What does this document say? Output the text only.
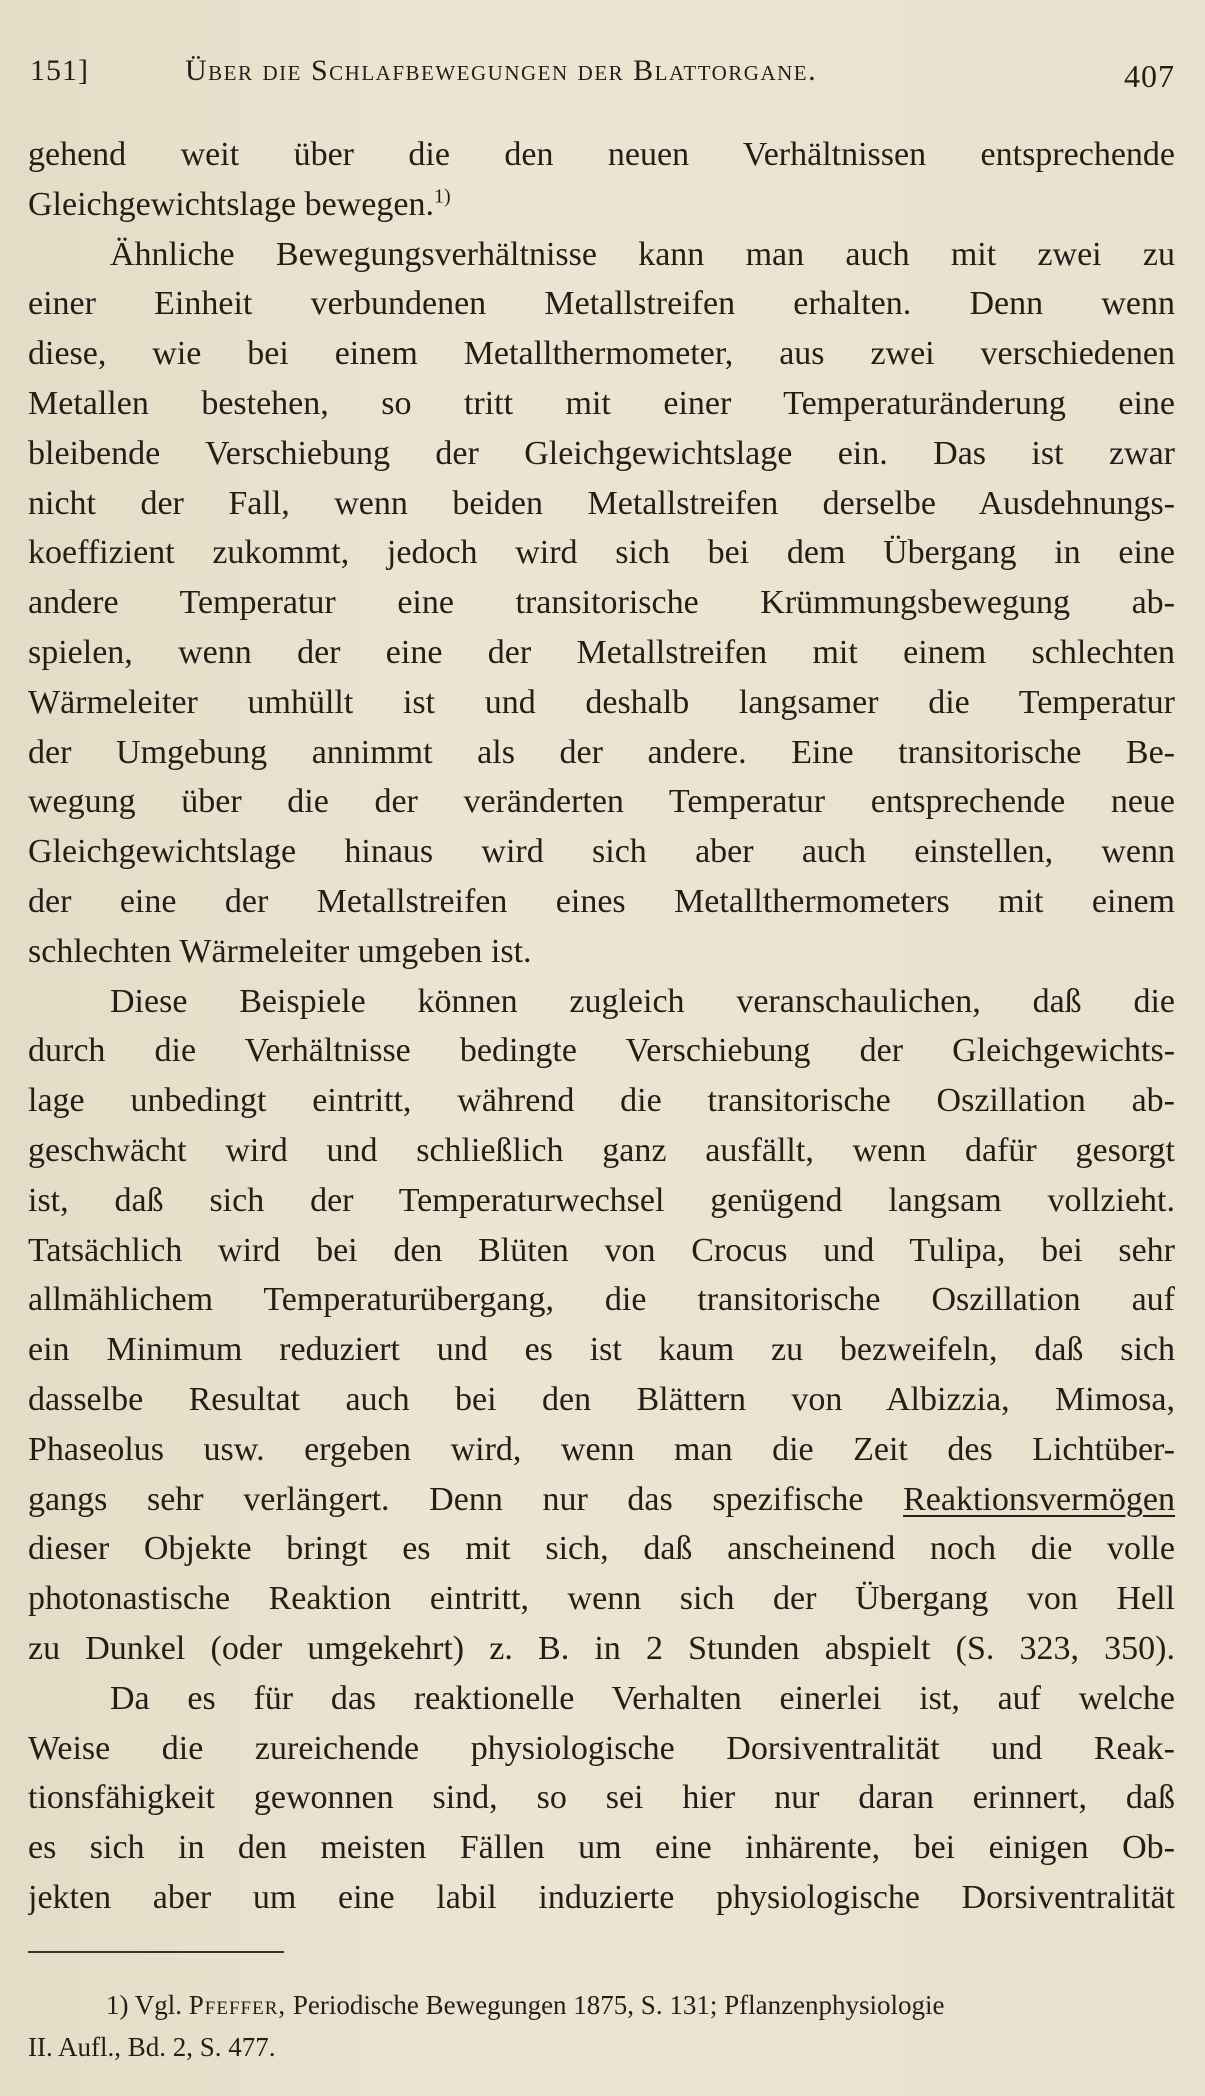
151]	Über die Schlafbewegungen der Blattorgane.	407
gehend weit über die den neuen Verhältnissen entsprechende
Gleichgewichtslage bewegen.$^{1)}$
Ähnliche Bewegungsverhältnisse kann man auch mit zwei zu
einer Einheit verbundenen Metallstreifen erhalten. Denn wenn
diese, wie bei einem Metallthermometer, aus zwei verschiedenen
Metallen bestehen, so tritt mit einer Temperaturänderung eine
bleibende Verschiebung der Gleichgewichtslage ein. Das ist zwar
nicht der Fall, wenn beiden Metallstreifen derselbe Ausdehnungs-
koeffizient zukommt, jedoch wird sich bei dem Übergang in eine
andere Temperatur eine transitorische Krümmungsbewegung ab-
spielen, wenn der eine der Metallstreifen mit einem schlechten
Wärmeleiter umhüllt ist und deshalb langsamer die Temperatur
der Umgebung annimmt als der andere. Eine transitorische Be-
wegung über die der veränderten Temperatur entsprechende neue
Gleichgewichtslage hinaus wird sich aber auch einstellen, wenn
der eine der Metallstreifen eines Metallthermometers mit einem
schlechten Wärmeleiter umgeben ist.
Diese Beispiele können zugleich veranschaulichen, daß die
durch die Verhältnisse bedingte Verschiebung der Gleichgewichts-
lage unbedingt eintritt, während die transitorische Oszillation ab-
geschwächt wird und schließlich ganz ausfällt, wenn dafür gesorgt
ist, daß sich der Temperaturwechsel genügend langsam vollzieht.
Tatsächlich wird bei den Blüten von Crocus und Tulipa, bei sehr
allmählichem Temperaturübergang, die transitorische Oszillation auf
ein Minimum reduziert und es ist kaum zu bezweifeln, daß sich
dasselbe Resultat auch bei den Blättern von Albizzia, Mimosa,
Phaseolus usw. ergeben wird, wenn man die Zeit des Lichtüber-
gangs sehr verlängert. Denn nur das spezifische Reaktionsvermögen
dieser Objekte bringt es mit sich, daß anscheinend noch die volle
photonastische Reaktion eintritt, wenn sich der Übergang von Hell
zu Dunkel (oder umgekehrt) z. B. in 2 Stunden abspielt (S. 323, 350).
Da es für das reaktionelle Verhalten einerlei ist, auf welche
Weise die zureichende physiologische Dorsiventralität und Reak-
tionsfähigkeit gewonnen sind, so sei hier nur daran erinnert, daß
es sich in den meisten Fällen um eine inhärente, bei einigen Ob-
jekten aber um eine labil induzierte physiologische Dorsiventralität
1) Vgl. Pfeffer, Periodische Bewegungen 1875, S. 131; Pflanzenphysiologie
II. Aufl., Bd. 2, S. 477.
